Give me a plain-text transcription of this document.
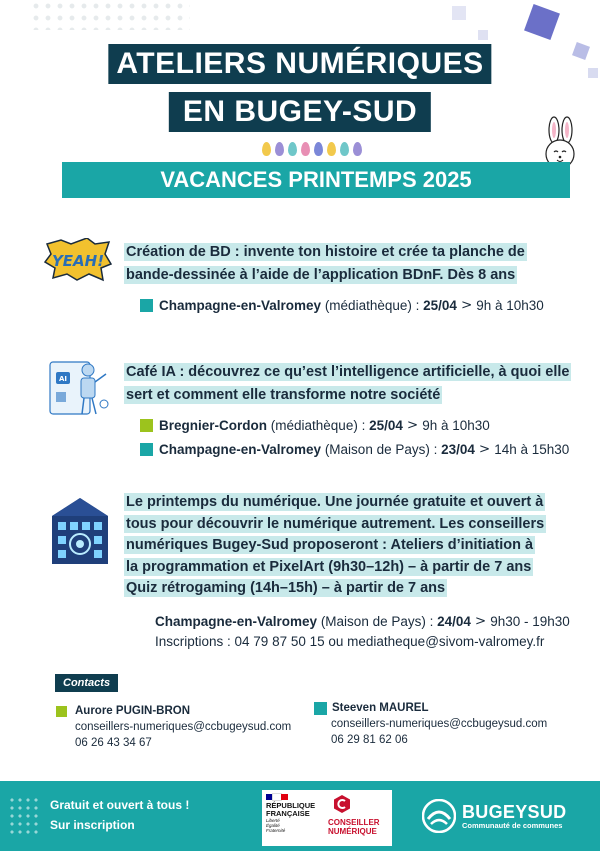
ATELIERS NUMÉRIQUES
EN BUGEY-SUD
VACANCES PRINTEMPS 2025
YEAH! Création de BD : invente ton histoire et crée ta planche de
bande-dessinée à l’aide de l’application BDnF. Dès 8 ans
Champagne-en-Valromey
(médiathèque) :
25/04 > 9h à 10h30
AI	Café IA : découvrez ce qu’est l’intelligence artificielle, à quoi elle
sert et comment elle transforme notre société
Bregnier-Cordon
(médiathèque) :
25/04 > 9h à 10h30
Champagne-en-Valromey
(Maison de Pays) :
23/04 > 14h à 15h30
Le printemps du numérique. Une journée gratuite et ouvert à
tous pour découvrir le numérique autrement. Les conseillers
numériques Bugey-Sud proposeront : Ateliers d’initiation à
la programmation et PixelArt (9h30–12h) – à partir de 7 ans
Quiz rétrogaming (14h–15h) – à partir de 7 ans
Champagne-en-Valromey
(Maison de Pays) :
24/04 > 9h30 - 19h30
Inscriptions : 04 79 87 50 15 ou mediatheque@sivom-valromey.fr
Contacts
Aurore PUGIN-BRON
conseillers-numeriques@ccbugeysud.com
06 26 43 34 67
Steeven MAUREL
conseillers-numeriques@ccbugeysud.com
06 29 81 62 06
Gratuit et ouvert à tous !
Sur inscription
RÉPUBLIQUE
FRANÇAISE
Liberté
Égalité
Fraternité
CONSEILLER
NUMÉRIQUE
BUGEYSUD
Communauté de communes
